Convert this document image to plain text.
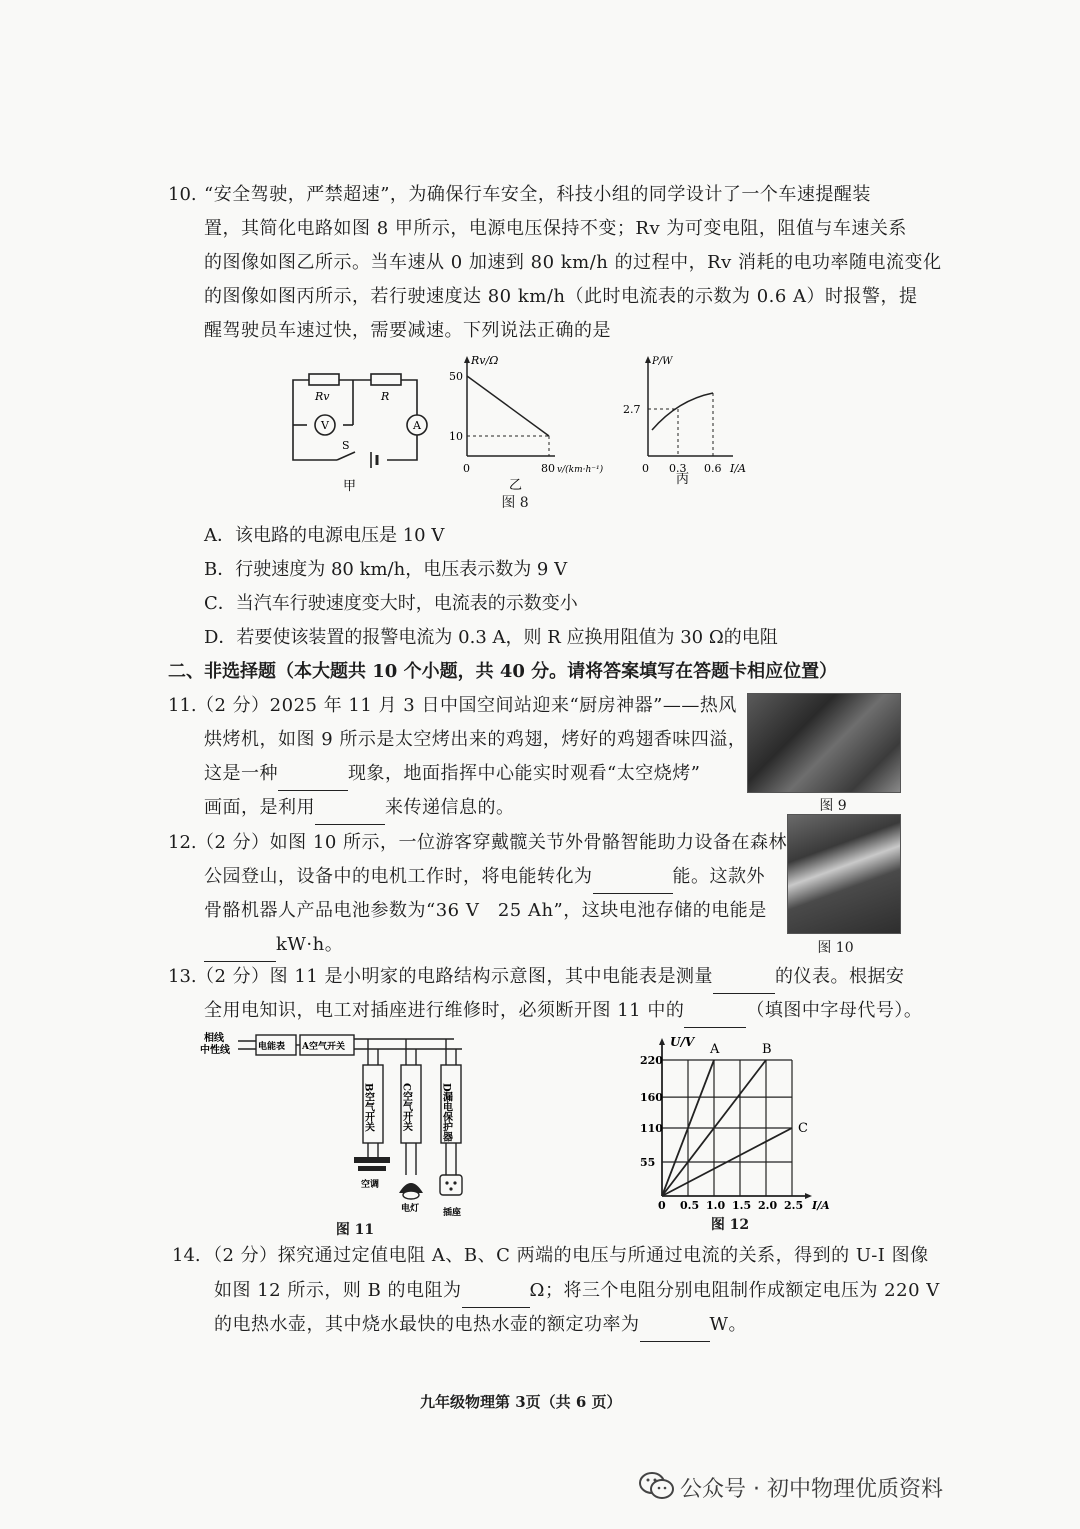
10. “安全驾驶，严禁超速”，为确保行车安全，科技小组的同学设计了一个车速提醒装
置，其简化电路如图 8 甲所示，电源电压保持不变；Rv 为可变电阻，阻值与车速关系
的图像如图乙所示。当车速从 0 加速到 80 km/h 的过程中，Rv 消耗的电功率随电流变化
的图像如图丙所示，若行驶速度达 80 km/h（此时电流表的示数为 0.6 A）时报警，提
醒驾驶员车速过快，需要减速。下列说法正确的是
Rv	R
V	A
S
甲
Rv/Ω
50
10
0	80 v/(km·h⁻¹)
乙
P/W
2.7
0 0.3 0.6 I/A
丙
图 8
A．该电路的电源电压是 10 V
B．行驶速度为 80 km/h，电压表示数为 9 V
C．当汽车行驶速度变大时，电流表的示数变小
D．若要使该装置的报警电流为 0.3 A，则 R 应换用阻值为 30 Ω的电阻
二、非选择题（本大题共 10 个小题，共 40 分。请将答案填写在答题卡相应位置）
11. （2 分）2025 年 11 月 3 日中国空间站迎来“厨房神器”——热风
烘烤机，如图 9 所示是太空烤出来的鸡翅，烤好的鸡翅香味四溢，
这是一种	现象，地面指挥中心能实时观看“太空烧烤”
画面，是利用	来传递信息的。	图 9
12. （2 分）如图 10 所示，一位游客穿戴髋关节外骨骼智能助力设备在森林
公园登山，设备中的电机工作时，将电能转化为	能。这款外
骨骼机器人产品电池参数为“36 V　25 Ah”，这块电池存储的电能是
kW·h。	图 10
13. （2 分）图 11 是小明家的电路结构示意图，其中电能表是测量	的仪表。根据安
全用电知识，电工对插座进行维修时，必须断开图 11 中的	（填图中字母代号）。
相线
中性线	电能表 A空气开关
B空气开关	C空气开关	D漏电保护器
空调
电灯	插座
图 11
A	B
C
220
160
110
55
0 0.5 1.0 1.5 2.0 2.5
U/V
I/A
图 12
14. （2 分）探究通过定值电阻 A、B、C 两端的电压与所通过电流的关系，得到的 U-I 图像
如图 12 所示，则 B 的电阻为	Ω；将三个电阻分别电阻制作成额定电压为 220 V
的电热水壶，其中烧水最快的电热水壶的额定功率为	W。
九年级物理第 3页（共 6 页）
公众号 · 初中物理优质资料
